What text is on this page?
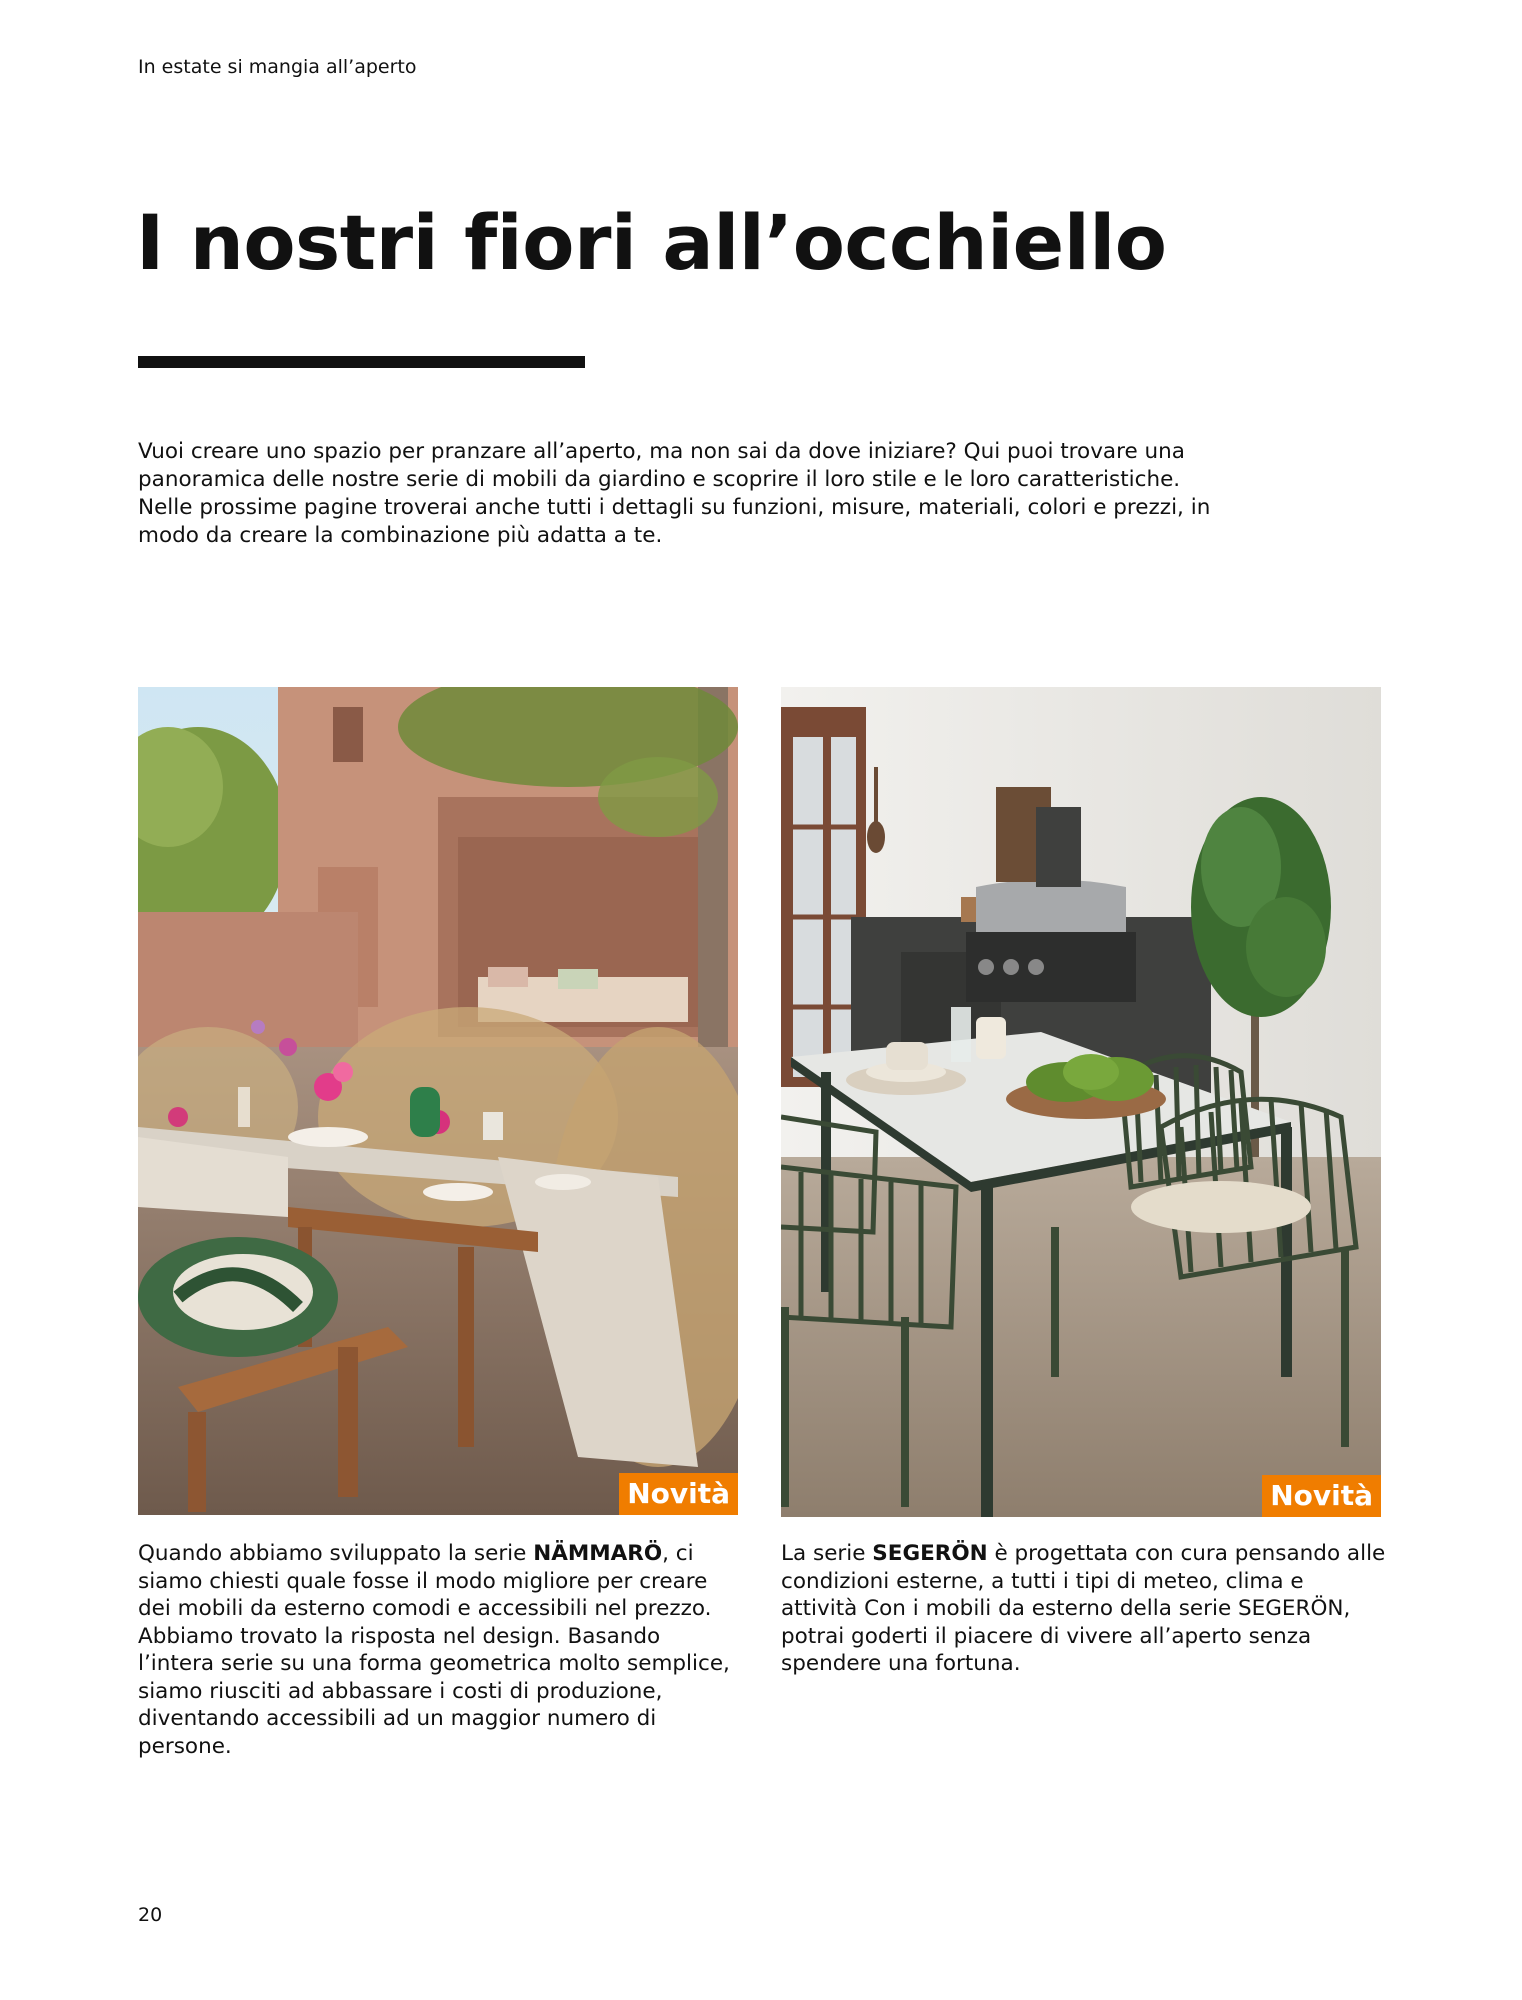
In estate si mangia all’aperto
I nostri fiori all’occhiello

Vuoi creare uno spazio per pranzare all’aperto, ma non sai da dove iniziare? Qui puoi trovare una panoramica delle nostre serie di mobili da giardino e scoprire il loro stile e le loro caratteristiche. Nelle prossime pagine troverai anche tutti i dettagli su funzioni, misure, materiali, colori e prezzi, in modo da creare la combinazione più adatta a te.

Novità	Novità

Quando abbiamo sviluppato la serie NÄMMARÖ, ci siamo chiesti quale fosse il modo migliore per creare dei mobili da esterno comodi e accessibili nel prezzo. Abbiamo trovato la risposta nel design. Basando l’intera serie su una forma geometrica molto semplice, siamo riusciti ad abbassare i costi di produzione, diventando accessibili ad un maggior numero di persone.

La serie SEGERÖN è progettata con cura pensando alle condizioni esterne, a tutti i tipi di meteo, clima e attività Con i mobili da esterno della serie SEGERÖN, potrai goderti il piacere di vivere all’aperto senza spendere una fortuna.

20
